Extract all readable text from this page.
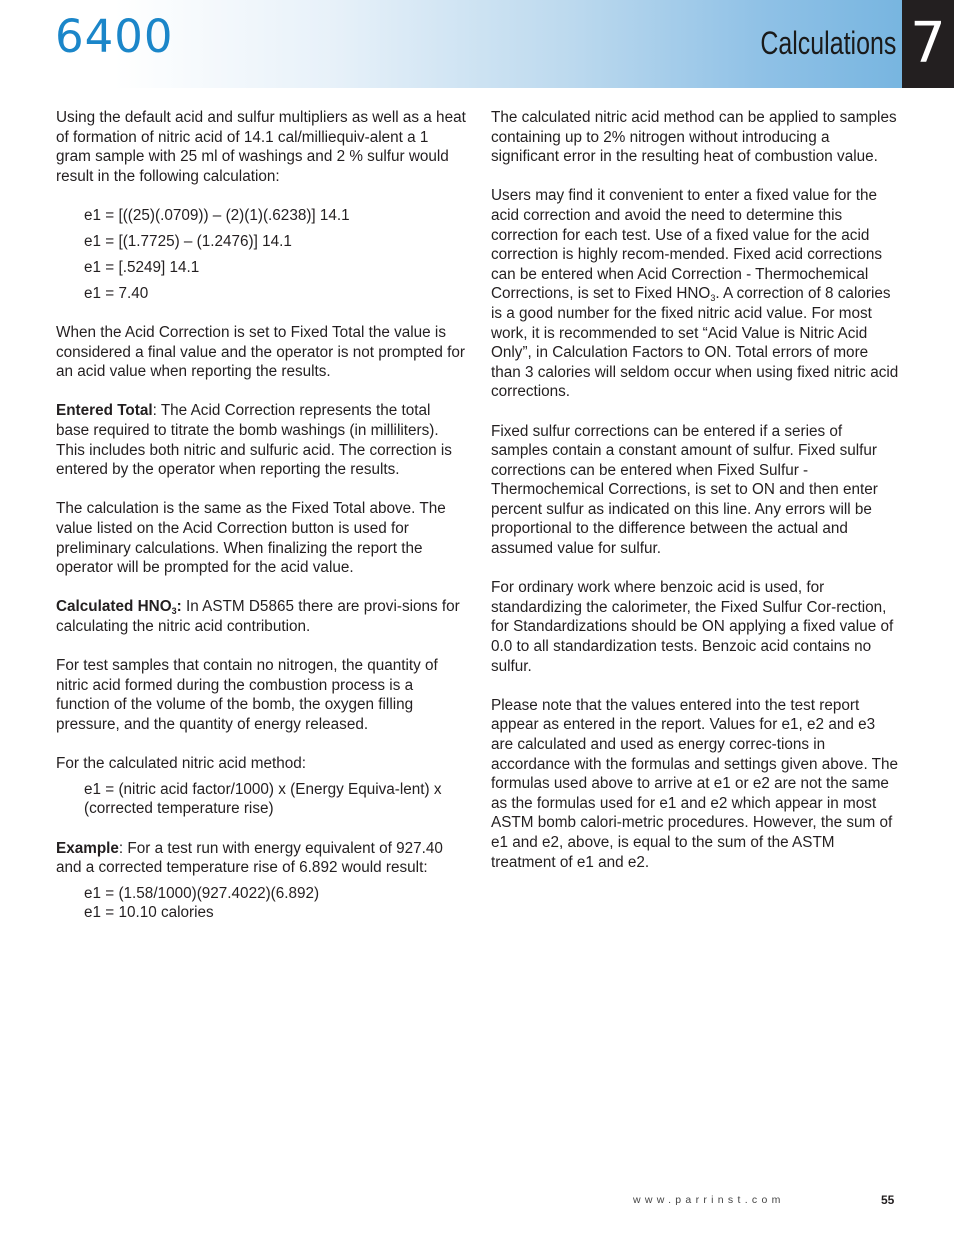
6400	Calculations 7

Using the default acid and sulfur multipliers as well as a heat of formation of nitric acid of 14.1 cal/milliequiv-alent a 1 gram sample with 25 ml of washings and 2 % sulfur would result in the following calculation:

e1 = [((25)(.0709)) – (2)(1)(.6238)] 14.1
e1 = [(1.7725) – (1.2476)] 14.1
e1 = [.5249] 14.1
e1 = 7.40

When the Acid Correction is set to Fixed Total the value is considered a final value and the operator is not prompted for an acid value when reporting the results.

Entered Total: The Acid Correction represents the total base required to titrate the bomb washings (in milliliters). This includes both nitric and sulfuric acid. The correction is entered by the operator when reporting the results.

The calculation is the same as the Fixed Total above. The value listed on the Acid Correction button is used for preliminary calculations. When finalizing the report the operator will be prompted for the acid value.

Calculated $HNO_3$: In ASTM D5865 there are provi-sions for calculating the nitric acid contribution.

For test samples that contain no nitrogen, the quantity of nitric acid formed during the combustion process is a function of the volume of the bomb, the oxygen filling pressure, and the quantity of energy released.

For the calculated nitric acid method:

e1 = (nitric acid factor/1000) x (Energy Equiva-lent) x (corrected temperature rise)

Example: For a test run with energy equivalent of 927.40 and a corrected temperature rise of 6.892 would result:

e1 = (1.58/1000)(927.4022)(6.892)
e1 = 10.10 calories

The calculated nitric acid method can be applied to samples containing up to 2% nitrogen without introducing a significant error in the resulting heat of combustion value.

Users may find it convenient to enter a fixed value for the acid correction and avoid the need to determine this correction for each test. Use of a fixed value for the acid correction is highly recom-mended. Fixed acid corrections can be entered when Acid Correction - Thermochemical Corrections, is set to Fixed $HNO_3$. A correction of 8 calories is a good number for the fixed nitric acid value. For most work, it is recommended to set “Acid Value is Nitric Acid Only”, in Calculation Factors to ON. Total errors of more than 3 calories will seldom occur when using fixed nitric acid corrections.

Fixed sulfur corrections can be entered if a series of samples contain a constant amount of sulfur. Fixed sulfur corrections can be entered when Fixed Sulfur - Thermochemical Corrections, is set to ON and then enter percent sulfur as indicated on this line. Any errors will be proportional to the difference between the actual and assumed value for sulfur.

For ordinary work where benzoic acid is used, for standardizing the calorimeter, the Fixed Sulfur Cor-rection, for Standardizations should be ON applying a fixed value of 0.0 to all standardization tests. Benzoic acid contains no sulfur.

Please note that the values entered into the test report appear as entered in the report. Values for e1, e2 and e3 are calculated and used as energy correc-tions in accordance with the formulas and settings given above. The formulas used above to arrive at e1 or e2 are not the same as the formulas used for e1 and e2 which appear in most ASTM bomb calori-metric procedures. However, the sum of e1 and e2, above, is equal to the sum of the ASTM treatment of e1 and e2.

www.parrinst.com	55
